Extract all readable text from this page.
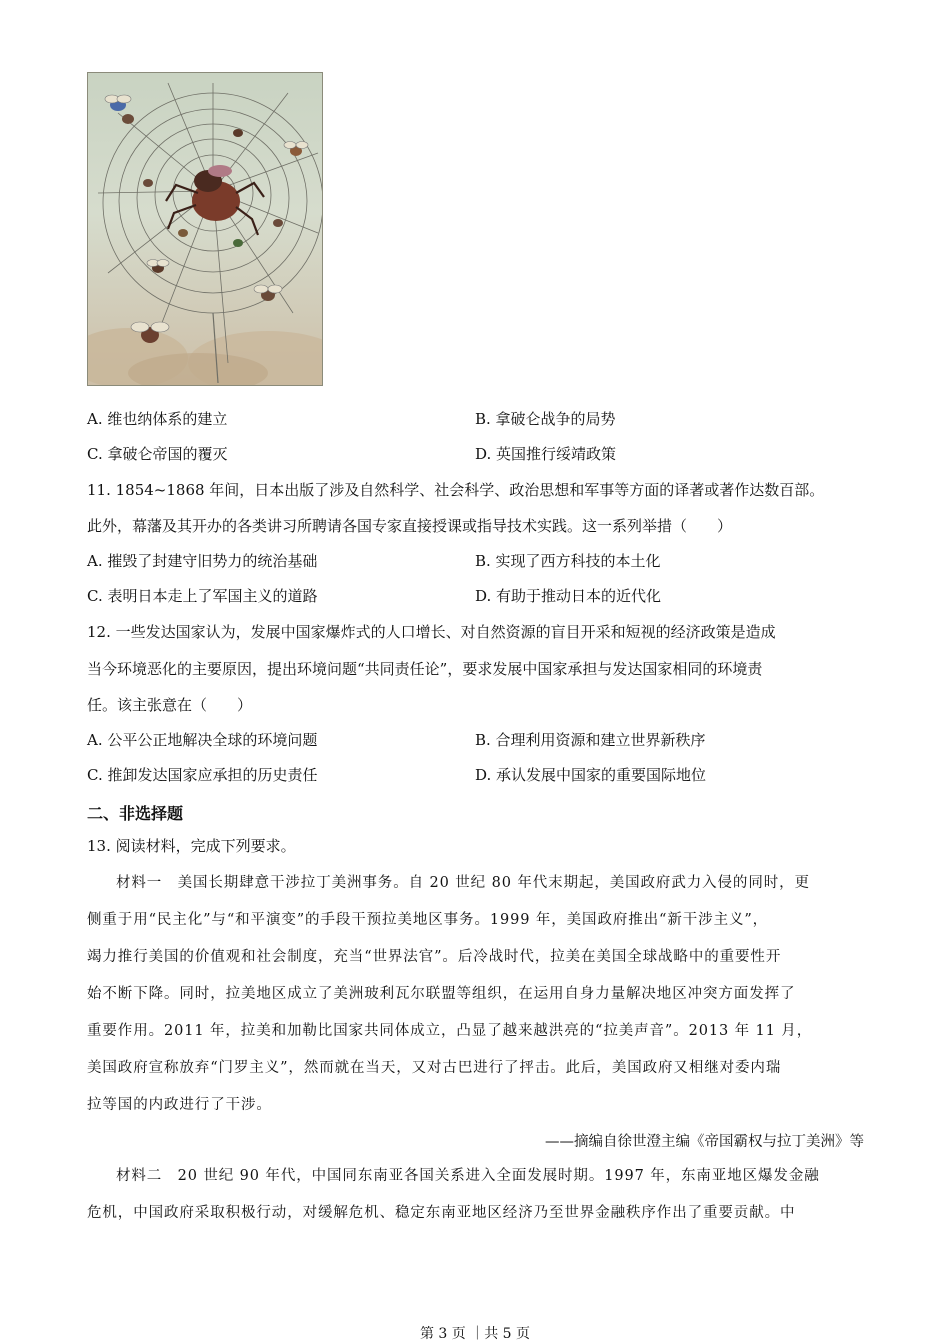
A. 维也纳体系的建立	B. 拿破仑战争的局势
C. 拿破仑帝国的覆灭	D. 英国推行绥靖政策
11. 1854~1868 年间，日本出版了涉及自然科学、社会科学、政治思想和军事等方面的译著或著作达数百部。
此外，幕藩及其开办的各类讲习所聘请各国专家直接授课或指导技术实践。这一系列举措（　　）
A. 摧毁了封建守旧势力的统治基础	B. 实现了西方科技的本土化
C. 表明日本走上了军国主义的道路	D. 有助于推动日本的近代化
12. 一些发达国家认为，发展中国家爆炸式的人口增长、对自然资源的盲目开采和短视的经济政策是造成
当今环境恶化的主要原因，提出环境问题“共同责任论”，要求发展中国家承担与发达国家相同的环境责
任。该主张意在（　　）
A. 公平公正地解决全球的环境问题	B. 合理利用资源和建立世界新秩序
C. 推卸发达国家应承担的历史责任	D. 承认发展中国家的重要国际地位
二、非选择题
13. 阅读材料，完成下列要求。
材料一　美国长期肆意干涉拉丁美洲事务。自 20 世纪 80 年代末期起，美国政府武力入侵的同时，更
侧重于用“民主化”与“和平演变”的手段干预拉美地区事务。1999 年，美国政府推出“新干涉主义”，
竭力推行美国的价值观和社会制度，充当“世界法官”。后冷战时代，拉美在美国全球战略中的重要性开
始不断下降。同时，拉美地区成立了美洲玻利瓦尔联盟等组织，在运用自身力量解决地区冲突方面发挥了
重要作用。2011 年，拉美和加勒比国家共同体成立，凸显了越来越洪亮的“拉美声音”。2013 年 11 月，
美国政府宣称放弃“门罗主义”，然而就在当天，又对古巴进行了抨击。此后，美国政府又相继对委内瑞
拉等国的内政进行了干涉。
——摘编自徐世澄主编《帝国霸权与拉丁美洲》等
材料二　20 世纪 90 年代，中国同东南亚各国关系进入全面发展时期。1997 年，东南亚地区爆发金融
危机，中国政府采取积极行动，对缓解危机、稳定东南亚地区经济乃至世界金融秩序作出了重要贡献。中
第 3 页 ｜共 5 页
